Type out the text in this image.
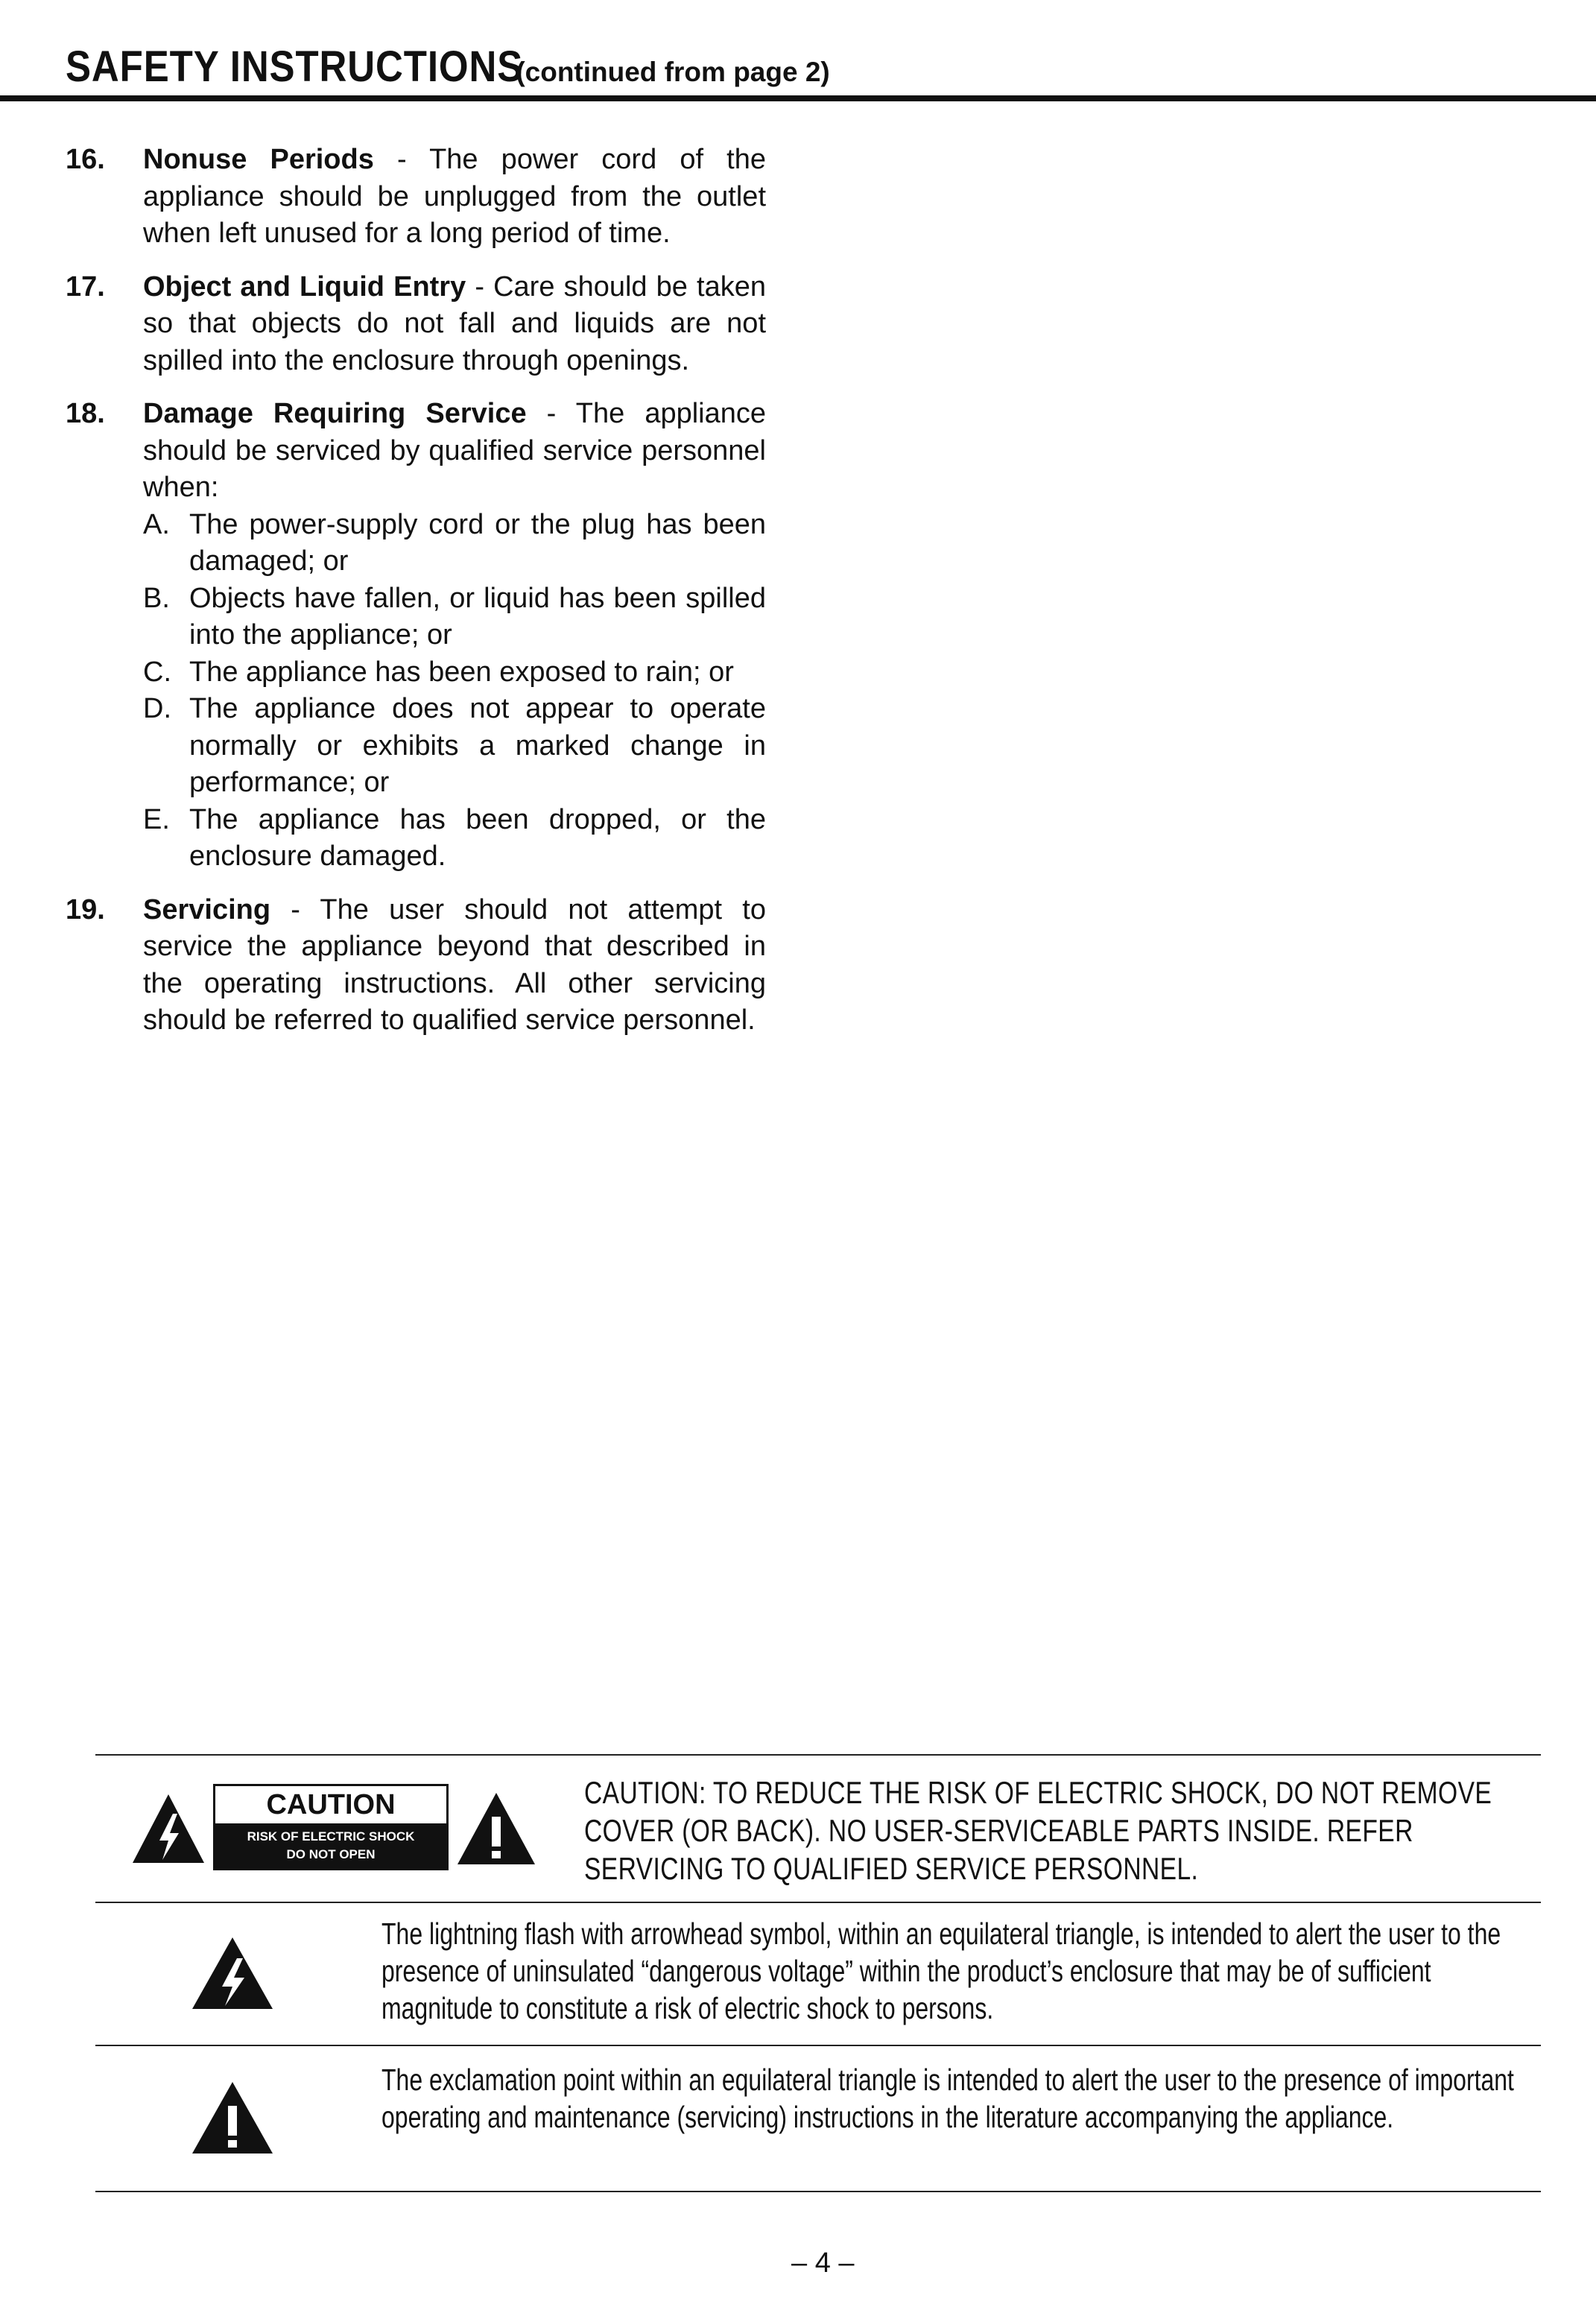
SAFETY INSTRUCTIONS (continued from page 2)
16.	Nonuse Periods - The power cord of the appliance should be unplugged from the outlet when left unused for a long period of time.
17.	Object and Liquid Entry - Care should be taken so that objects do not fall and liquids are not spilled into the enclosure through openings.
18.	Damage Requiring Service - The appliance should be serviced by qualified service personnel when:
A. The power-supply cord or the plug has been damaged; or
B. Objects have fallen, or liquid has been spilled into the appliance; or
C. The appliance has been exposed to rain; or
D. The appliance does not appear to operate normally or exhibits a marked change in performance; or
E. The appliance has been dropped, or the enclosure damaged.
19.	Servicing - The user should not attempt to service the appliance beyond that described in the operating instructions. All other servicing should be referred to qualified service personnel.
CAUTION
RISK OF ELECTRIC SHOCK
DO NOT OPEN
CAUTION: TO REDUCE THE RISK OF ELECTRIC SHOCK, DO NOT REMOVE COVER (OR BACK). NO USER-SERVICEABLE PARTS INSIDE. REFER SERVICING TO QUALIFIED SERVICE PERSONNEL.
The lightning flash with arrowhead symbol, within an equilateral triangle, is intended to alert the user to the presence of uninsulated “dangerous voltage” within the product’s enclosure that may be of sufficient magnitude to constitute a risk of electric shock to persons.
The exclamation point within an equilateral triangle is intended to alert the user to the presence of important operating and maintenance (servicing) instructions in the literature accompanying the appliance.
– 4 –
